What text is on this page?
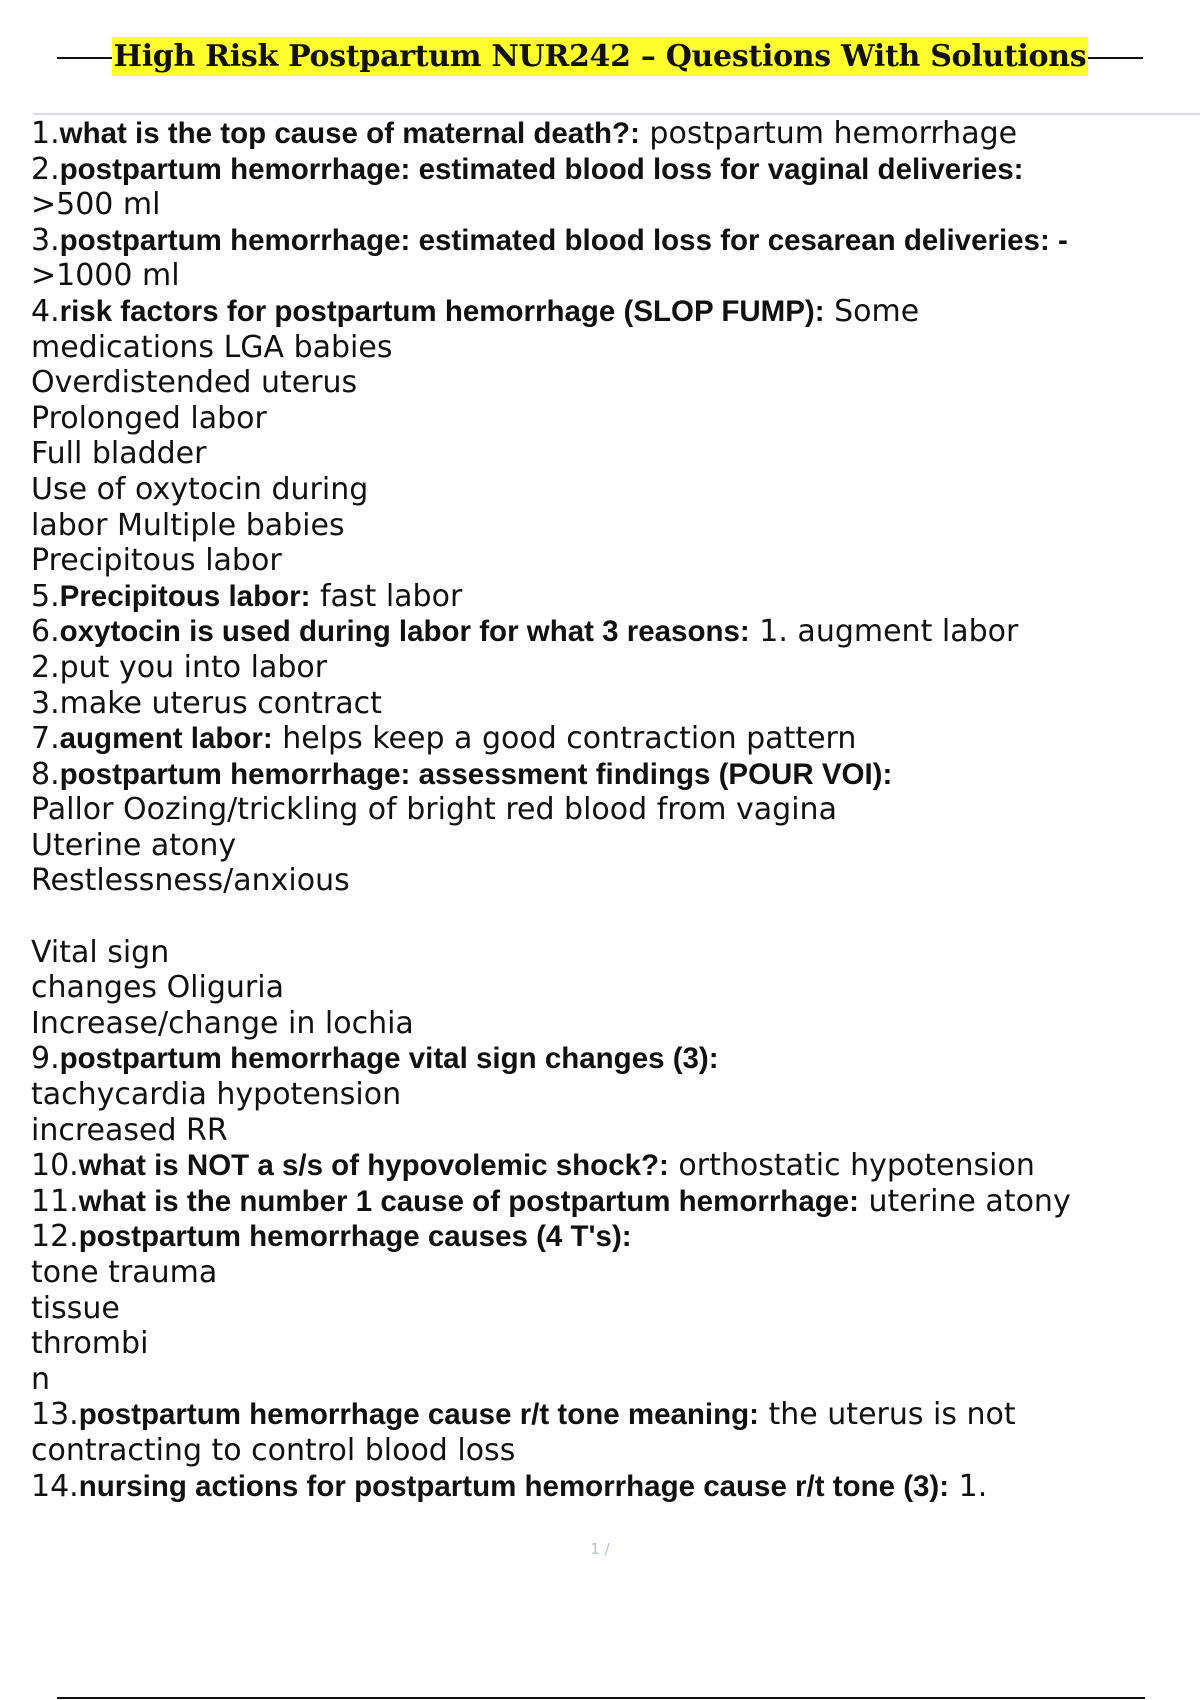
High Risk Postpartum NUR242 – Questions With Solutions
1.what is the top cause of maternal death?: postpartum hemorrhage
2.postpartum hemorrhage: estimated blood loss for vaginal deliveries:
>500 ml
3.postpartum hemorrhage: estimated blood loss for cesarean deliveries: -
>1000 ml
4.risk factors for postpartum hemorrhage (SLOP FUMP): Some
medications LGA babies
Overdistended uterus
Prolonged labor
Full bladder
Use of oxytocin during
labor Multiple babies
Precipitous labor
5.Precipitous labor: fast labor
6.oxytocin is used during labor for what 3 reasons: 1. augment labor
2.put you into labor
3.make uterus contract
7.augment labor: helps keep a good contraction pattern
8.postpartum hemorrhage: assessment findings (POUR VOI):
Pallor Oozing/trickling of bright red blood from vagina
Uterine atony
Restlessness/anxious
Vital sign
changes Oliguria
Increase/change in lochia
9.postpartum hemorrhage vital sign changes (3):
tachycardia hypotension
increased RR
10.what is NOT a s/s of hypovolemic shock?: orthostatic hypotension
11.what is the number 1 cause of postpartum hemorrhage: uterine atony
12.postpartum hemorrhage causes (4 T's):
tone trauma
tissue
thrombi
n
13.postpartum hemorrhage cause r/t tone meaning: the uterus is not
contracting to control blood loss
14.nursing actions for postpartum hemorrhage cause r/t tone (3): 1.
1 /
